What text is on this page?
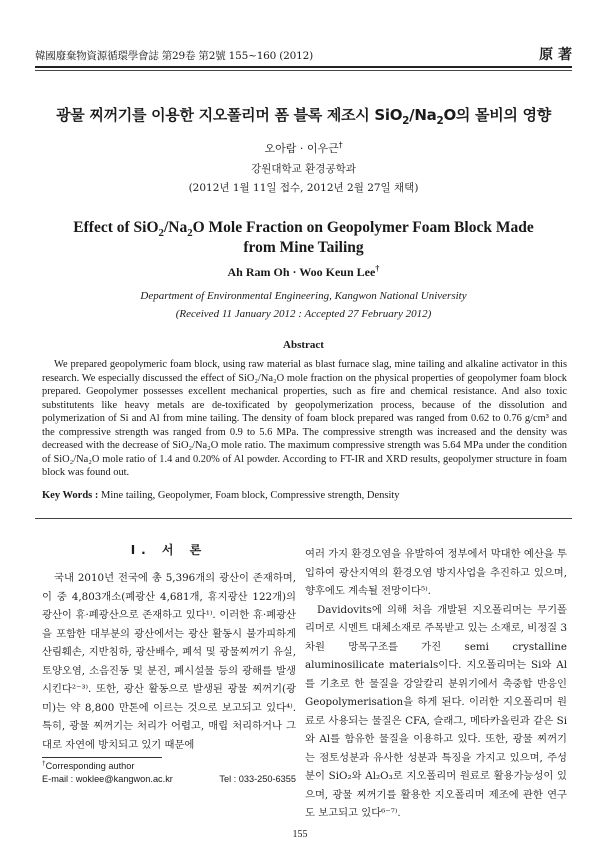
韓國廢棄物資源循環學會誌 第29卷 第2號 155~160 (2012)	原 著
광물 찌꺼기를 이용한 지오폴리머 폼 블록 제조시 $SiO_2/Na_2O$의 몰비의 영향
오아람 · 이우근†
강원대학교 환경공학과
(2012년 1월 11일 접수, 2012년 2월 27일 채택)
Effect of $SiO_2/Na_2O$ Mole Fraction on Geopolymer Foam Block Made
from Mine Tailing
Ah Ram Oh · Woo Keun Lee†
Department of Environmental Engineering, Kangwon National University
(Received 11 January 2012 : Accepted 27 February 2012)
Abstract

We prepared geopolymeric foam block, using raw material as blast furnace slag, mine tailing and alkaline activator in this research. We especially discussed the effect of SiO₂/Na₂O mole fraction on the physical properties of geopolymer foam block prepared. Geopolymer possesses excellent mechanical properties, such as fire and chemical resistance. And also toxic substitutents like heavy metals are de-toxificated by geopolymerization process, because of the dissolution and polymerization of Si and Al from mine tailing. The density of foam block prepared was ranged from 0.62 to 0.76 g/cm³ and the compressive strength was ranged from 0.9 to 5.6 MPa. The compressive strength was increased and the density was decreased with the decrease of SiO₂/Na₂O mole ratio. The maximum compressive strength was 5.64 MPa under the condition of SiO₂/Na₂O mole ratio of 1.4 and 0.20% of Al powder. According to FT-IR and XRD results, geopolymer structure in foam block was found out.

Key Words : Mine tailing, Geopolymer, Foam block, Compressive strength, Density
I. 서 론

국내 2010년 전국에 총 5,396개의 광산이 존재하며, 이 중 4,803개소(폐광산 4,681개, 휴지광산 122개)의 광산이 휴·폐광산으로 존재하고 있다¹⁾. 이러한 휴·폐광산을 포함한 대부분의 광산에서는 광산 활동시 불가피하게 산림훼손, 지반침하, 광산배수, 폐석 및 광물찌꺼기 유실, 토양오염, 소음진동 및 분진, 폐시설물 등의 광해를 발생 시킨다²⁻³⁾. 또한, 광산 활동으로 발생된 광물 찌꺼기(광미)는 약 8,800 만톤에 이르는 것으로 보고되고 있다⁴⁾. 특히, 광물 찌꺼기는 처리가 어렵고, 매립 처리하거나 그대로 자연에 방치되고 있기 때문에

여러 가지 환경오염을 유발하여 정부에서 막대한 예산을 투입하여 광산지역의 환경오염 방지사업을 추진하고 있으며, 향후에도 계속될 전망이다⁵⁾.

Davidovits에 의해 처음 개발된 지오폴리머는 무기폴리머로 시멘트 대체소재로 주목받고 있는 소재로, 비정질 3차원 망목구조를 가진 semi crystalline aluminosilicate materials이다. 지오폴리머는 Si와 Al를 기초로 한 물질을 강알칼리 분위기에서 축중합 반응인 Geopolymerisation을 하게 된다. 이러한 지오폴리머 원료로 사용되는 물질은 CFA, 슬래그, 메타카올린과 같은 Si와 Al를 함유한 물질을 이용하고 있다. 또한, 광물 찌꺼기는 점토성분과 유사한 성분과 특징을 가지고 있으며, 주성분이 SiO₂와 Al₂O₃로 지오폴리머 원료로 활용가능성이 있으며, 광물 찌꺼기를 활용한 지오폴리머 제조에 관한 연구도 보고되고 있다⁶⁻⁷⁾.

†Corresponding author
E-mail : woklee@kangwon.ac.kr	Tel : 033-250-6355
155
